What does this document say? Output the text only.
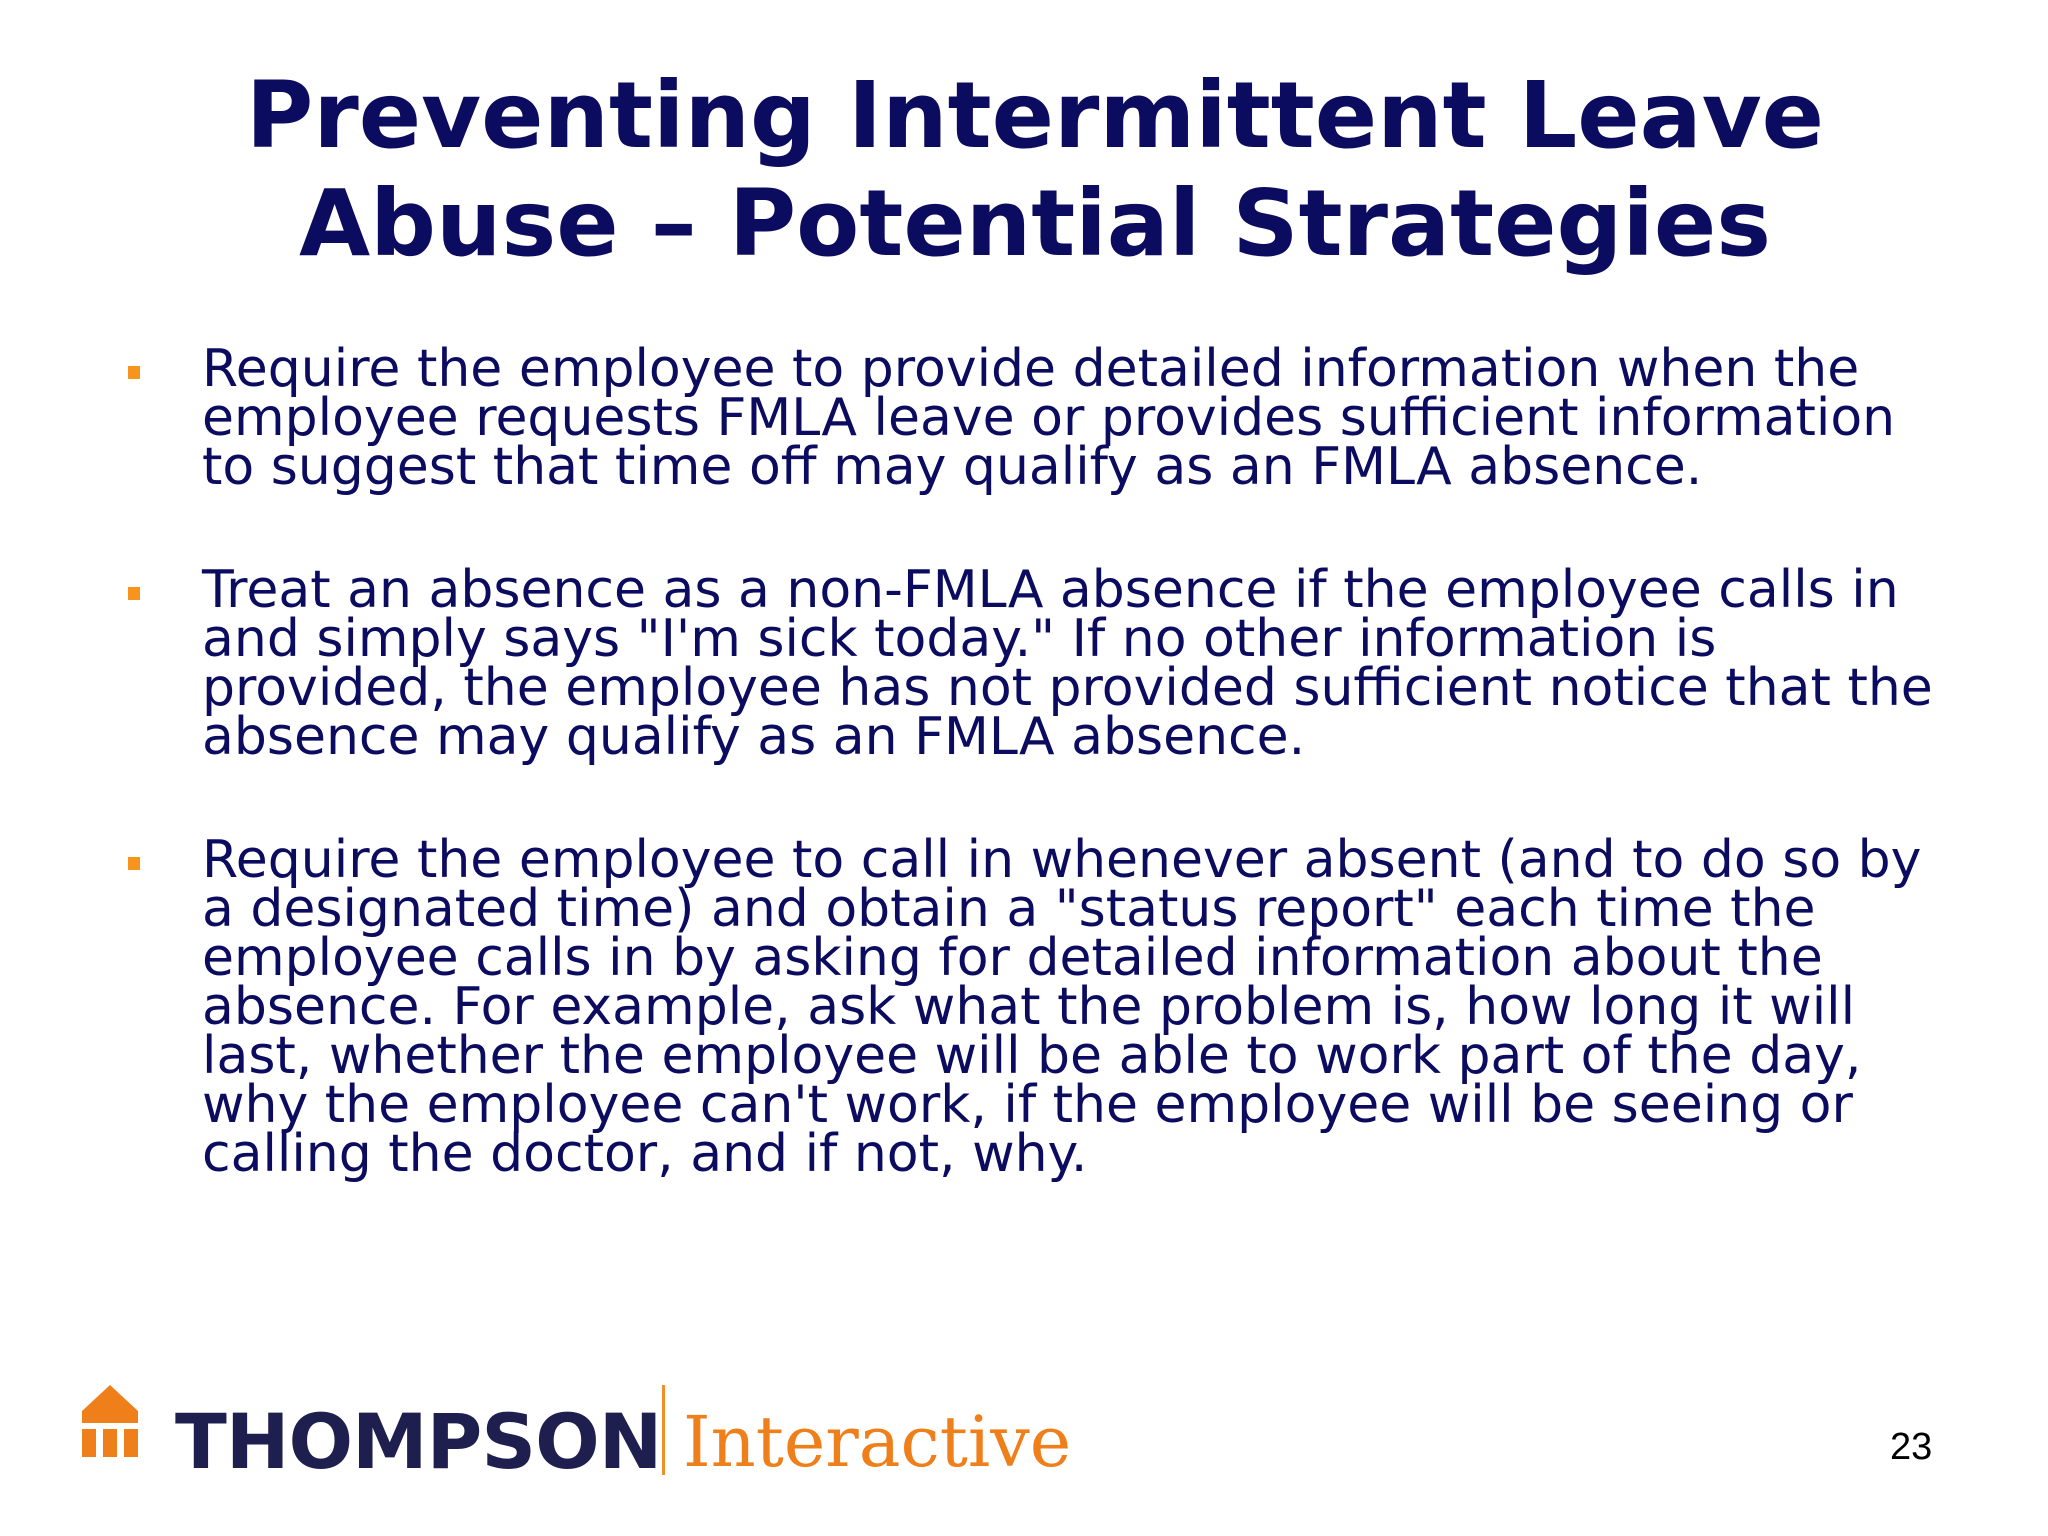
Preventing Intermittent Leave Abuse – Potential Strategies
Require the employee to provide detailed information when the employee requests FMLA leave or provides sufficient information to suggest that time off may qualify as an FMLA absence.
Treat an absence as a non-FMLA absence if the employee calls in and simply says "I'm sick today." If no other information is provided, the employee has not provided sufficient notice that the absence may qualify as an FMLA absence.
Require the employee to call in whenever absent (and to do so by a designated time) and obtain a "status report" each time the employee calls in by asking for detailed information about the absence. For example, ask what the problem is, how long it will last, whether the employee will be able to work part of the day, why the employee can't work, if the employee will be seeing or calling the doctor, and if not, why.
THOMPSON Interactive	23
